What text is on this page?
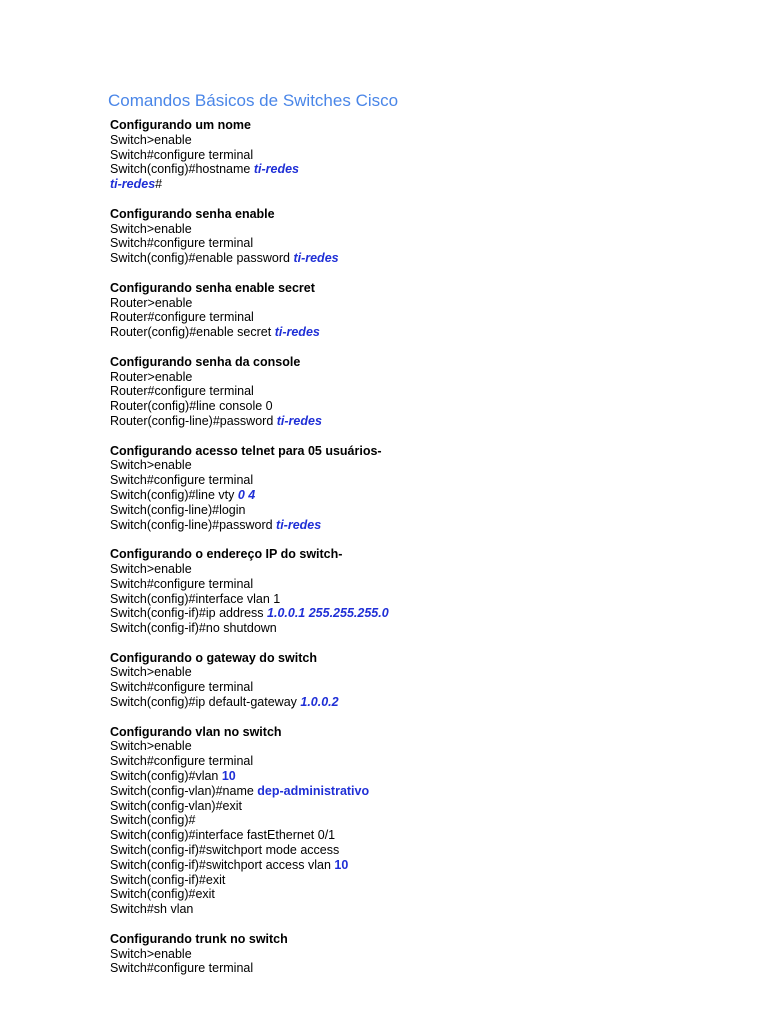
Comandos Básicos de Switches Cisco
Configurando um nome
Switch>enable
Switch#configure terminal
Switch(config)#hostname ti-redes
ti-redes#
Configurando senha enable
Switch>enable
Switch#configure terminal
Switch(config)#enable password ti-redes
Configurando senha enable secret
Router>enable
Router#configure terminal
Router(config)#enable secret ti-redes
Configurando senha da console
Router>enable
Router#configure terminal
Router(config)#line console 0
Router(config-line)#password ti-redes
Configurando acesso telnet para 05 usuários-
Switch>enable
Switch#configure terminal
Switch(config)#line vty 0 4
Switch(config-line)#login
Switch(config-line)#password ti-redes
Configurando o endereço IP do switch-
Switch>enable
Switch#configure terminal
Switch(config)#interface vlan 1
Switch(config-if)#ip address 1.0.0.1 255.255.255.0
Switch(config-if)#no shutdown
Configurando o gateway do switch
Switch>enable
Switch#configure terminal
Switch(config)#ip default-gateway 1.0.0.2
Configurando vlan no switch
Switch>enable
Switch#configure terminal
Switch(config)#vlan 10
Switch(config-vlan)#name dep-administrativo
Switch(config-vlan)#exit
Switch(config)#
Switch(config)#interface fastEthernet 0/1
Switch(config-if)#switchport mode access
Switch(config-if)#switchport access vlan 10
Switch(config-if)#exit
Switch(config)#exit
Switch#sh vlan
Configurando trunk no switch
Switch>enable
Switch#configure terminal
